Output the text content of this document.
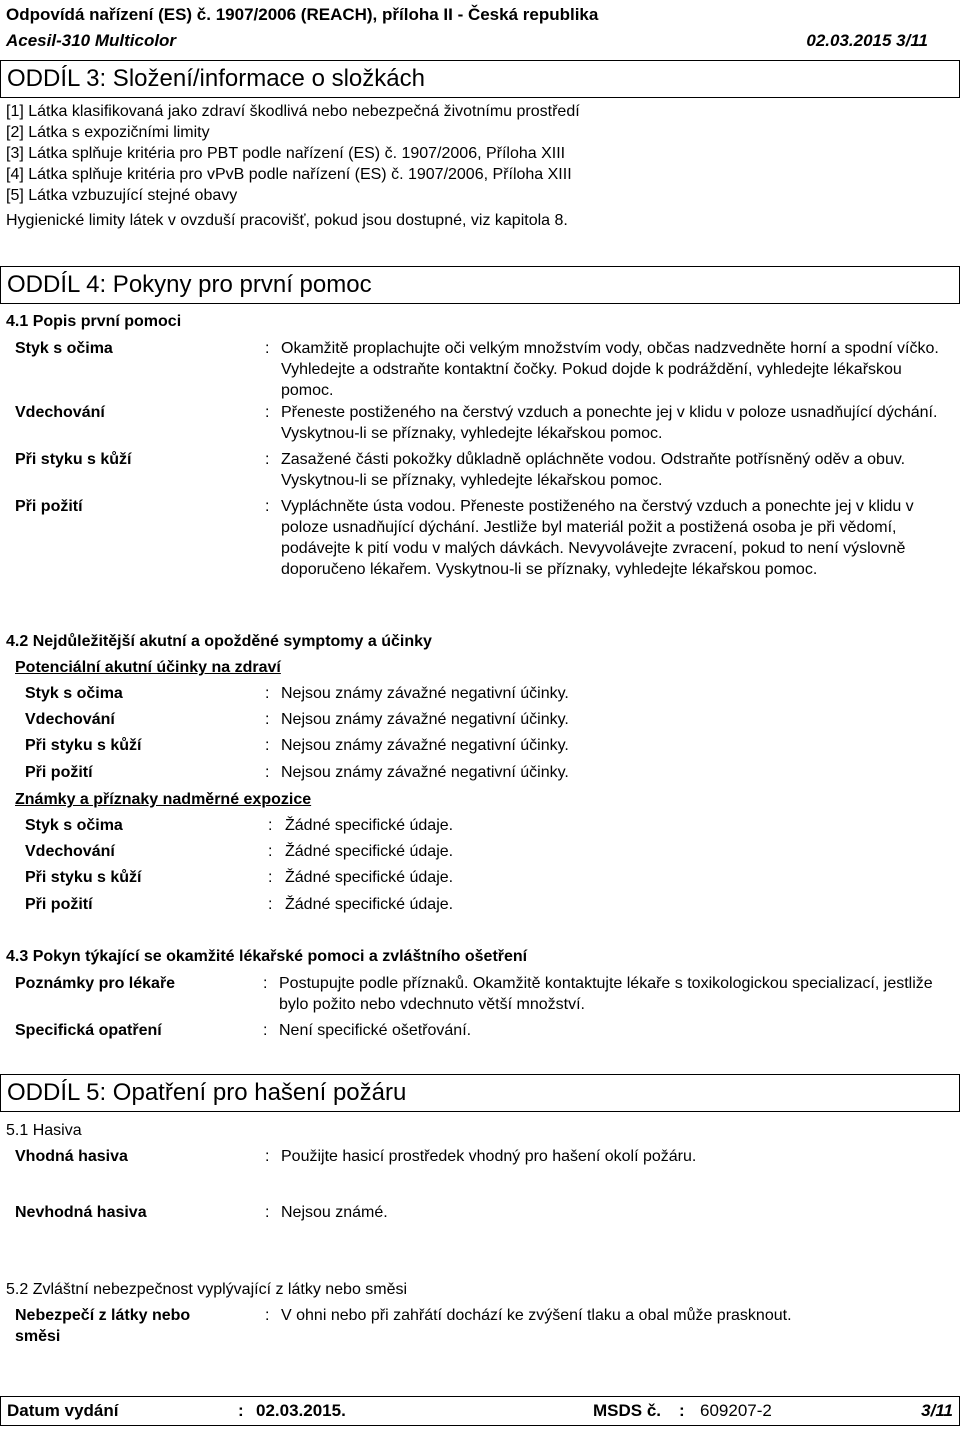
Odpovídá nařízení (ES) č. 1907/2006 (REACH), příloha II - Česká republika
Acesil-310 Multicolor	02.03.2015 3/11
ODDÍL 3: Složení/informace o složkách
[1] Látka klasifikovaná jako zdraví škodlivá nebo nebezpečná životnímu prostředí
[2] Látka s expozičními limity
[3] Látka splňuje kritéria pro PBT podle nařízení (ES) č. 1907/2006, Příloha XIII
[4] Látka splňuje kritéria pro vPvB podle nařízení (ES) č. 1907/2006, Příloha XIII
[5] Látka vzbuzující stejné obavy
Hygienické limity látek v ovzduší pracovišť, pokud jsou dostupné, viz kapitola 8.
ODDÍL 4: Pokyny pro první pomoc
4.1 Popis první pomoci
Styk s očima	: Okamžitě proplachujte oči velkým množstvím vody, občas nadzvedněte horní a spodní víčko. Vyhledejte a odstraňte kontaktní čočky. Pokud dojde k podráždění, vyhledejte lékařskou pomoc.
Vdechování	: Přeneste postiženého na čerstvý vzduch a ponechte jej v klidu v poloze usnadňující dýchání. Vyskytnou-li se příznaky, vyhledejte lékařskou pomoc.
Při styku s kůží	: Zasažené části pokožky důkladně opláchněte vodou. Odstraňte potřísněný oděv a obuv. Vyskytnou-li se příznaky, vyhledejte lékařskou pomoc.
Při požití	: Vypláchněte ústa vodou. Přeneste postiženého na čerstvý vzduch a ponechte jej v klidu v poloze usnadňující dýchání. Jestliže byl materiál požit a postižená osoba je při vědomí, podávejte k pití vodu v malých dávkách. Nevyvolávejte zvracení, pokud to není výslovně doporučeno lékařem. Vyskytnou-li se příznaky, vyhledejte lékařskou pomoc.
4.2 Nejdůležitější akutní a opožděné symptomy a účinky
Potenciální akutní účinky na zdraví
Styk s očima	: Nejsou známy závažné negativní účinky.
Vdechování	: Nejsou známy závažné negativní účinky.
Při styku s kůží	: Nejsou známy závažné negativní účinky.
Při požití	: Nejsou známy závažné negativní účinky.
Známky a příznaky nadměrné expozice
Styk s očima	: Žádné specifické údaje.
Vdechování	: Žádné specifické údaje.
Při styku s kůží	: Žádné specifické údaje.
Při požití	: Žádné specifické údaje.
4.3 Pokyn týkající se okamžité lékařské pomoci a zvláštního ošetření
Poznámky pro lékaře	: Postupujte podle příznaků. Okamžitě kontaktujte lékaře s toxikologickou specializací, jestliže bylo požito nebo vdechnuto větší množství.
Specifická opatření	: Není specifické ošetřování.
ODDÍL 5: Opatření pro hašení požáru
5.1 Hasiva
Vhodná hasiva	: Použijte hasicí prostředek vhodný pro hašení okolí požáru.
Nevhodná hasiva	: Nejsou známé.
5.2 Zvláštní nebezpečnost vyplývající z látky nebo směsi
Nebezpečí z látky nebo směsi
: V ohni nebo při zahřátí dochází ke zvýšení tlaku a obal může prasknout.
Datum vydání	: 02.03.2015.	MSDS č. : 609207-2	3/11
